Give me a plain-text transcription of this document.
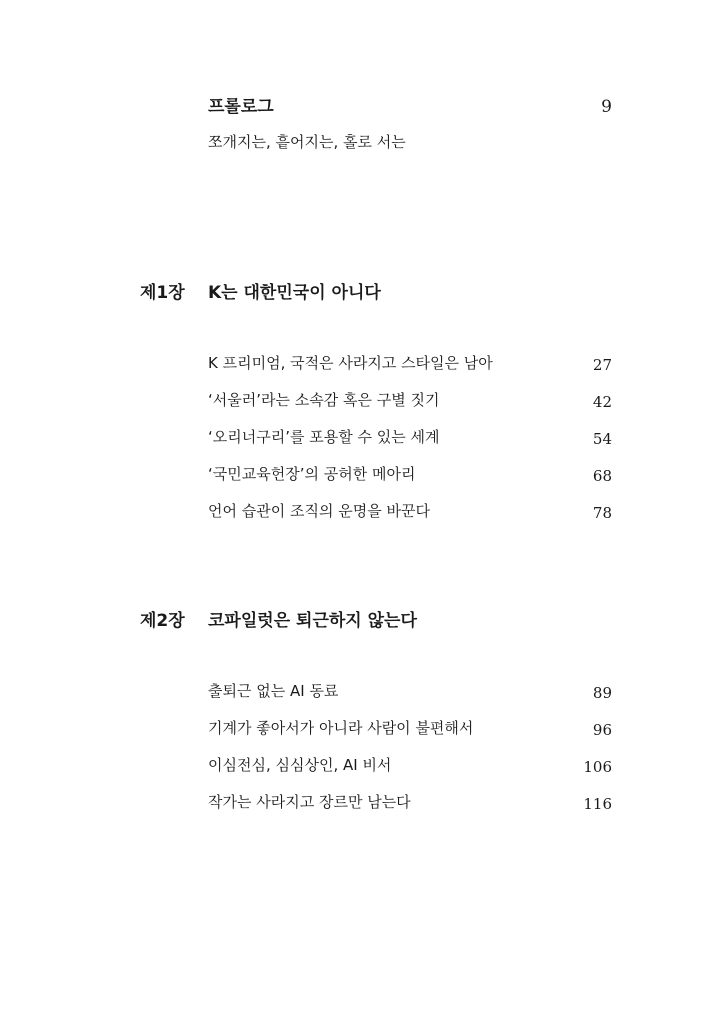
프롤로그	9
쪼개지는, 흩어지는, 홀로 서는
제1장 K는 대한민국이 아니다
K 프리미엄, 국적은 사라지고 스타일은 남아	27
‘서울러’라는 소속감 혹은 구별 짓기	42
‘오리너구리’를 포용할 수 있는 세계	54
‘국민교육헌장’의 공허한 메아리	68
언어 습관이 조직의 운명을 바꾼다	78
제2장 코파일럿은 퇴근하지 않는다
출퇴근 없는 AI 동료	89
기계가 좋아서가 아니라 사람이 불편해서	96
이심전심, 심심상인, AI 비서	106
작가는 사라지고 장르만 남는다	116
